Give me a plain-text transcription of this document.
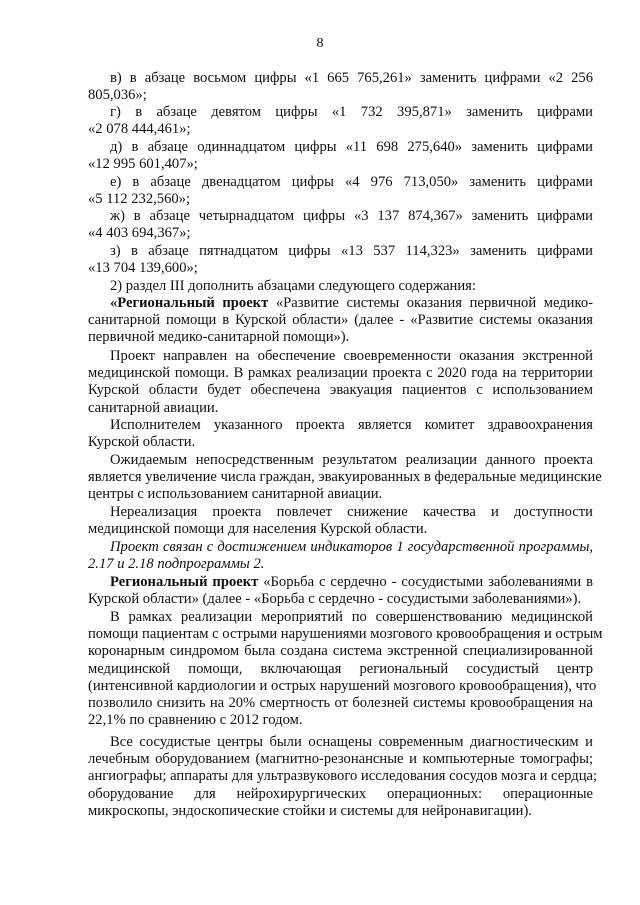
8
в) в абзаце восьмом цифры «1 665 765,261» заменить цифрами «2 256
805,036»;
г) в абзаце девятом цифры «1 732 395,871» заменить цифрами
«2 078 444,461»;
д) в абзаце одиннадцатом цифры «11 698 275,640» заменить цифрами
«12 995 601,407»;
е) в абзаце двенадцатом цифры «4 976 713,050» заменить цифрами
«5 112 232,560»;
ж) в абзаце четырнадцатом цифры «3 137 874,367» заменить цифрами
«4 403 694,367»;
з) в абзаце пятнадцатом цифры «13 537 114,323» заменить цифрами
«13 704 139,600»;
2) раздел III дополнить абзацами следующего содержания:
«Региональный проект «Развитие системы оказания первичной медико-
санитарной помощи в Курской области» (далее - «Развитие системы оказания
первичной медико-санитарной помощи»).
Проект направлен на обеспечение своевременности оказания экстренной
медицинской помощи. В рамках реализации проекта с 2020 года на территории
Курской области будет обеспечена эвакуация пациентов с использованием
санитарной авиации.
Исполнителем указанного проекта является комитет здравоохранения
Курской области.
Ожидаемым непосредственным результатом реализации данного проекта
является увеличение числа граждан, эвакуированных в федеральные медицинские
центры с использованием санитарной авиации.
Нереализация проекта повлечет снижение качества и доступности
медицинской помощи для населения Курской области.
Проект связан с достижением индикаторов 1 государственной программы,
2.17 и 2.18 подпрограммы 2.
Региональный проект «Борьба с сердечно - сосудистыми заболеваниями в
Курской области» (далее - «Борьба с сердечно - сосудистыми заболеваниями»).
В рамках реализации мероприятий по совершенствованию медицинской
помощи пациентам с острыми нарушениями мозгового кровообращения и острым
коронарным синдромом была создана система экстренной специализированной
медицинской помощи, включающая региональный сосудистый центр
(интенсивной кардиологии и острых нарушений мозгового кровообращения), что
позволило снизить на 20% смертность от болезней системы кровообращения на
22,1% по сравнению с 2012 годом.
Все сосудистые центры были оснащены современным диагностическим и
лечебным оборудованием (магнитно-резонансные и компьютерные томографы;
ангиографы; аппараты для ультразвукового исследования сосудов мозга и сердца;
оборудование для нейрохирургических операционных: операционные
микроскопы, эндоскопические стойки и системы для нейронавигации).
